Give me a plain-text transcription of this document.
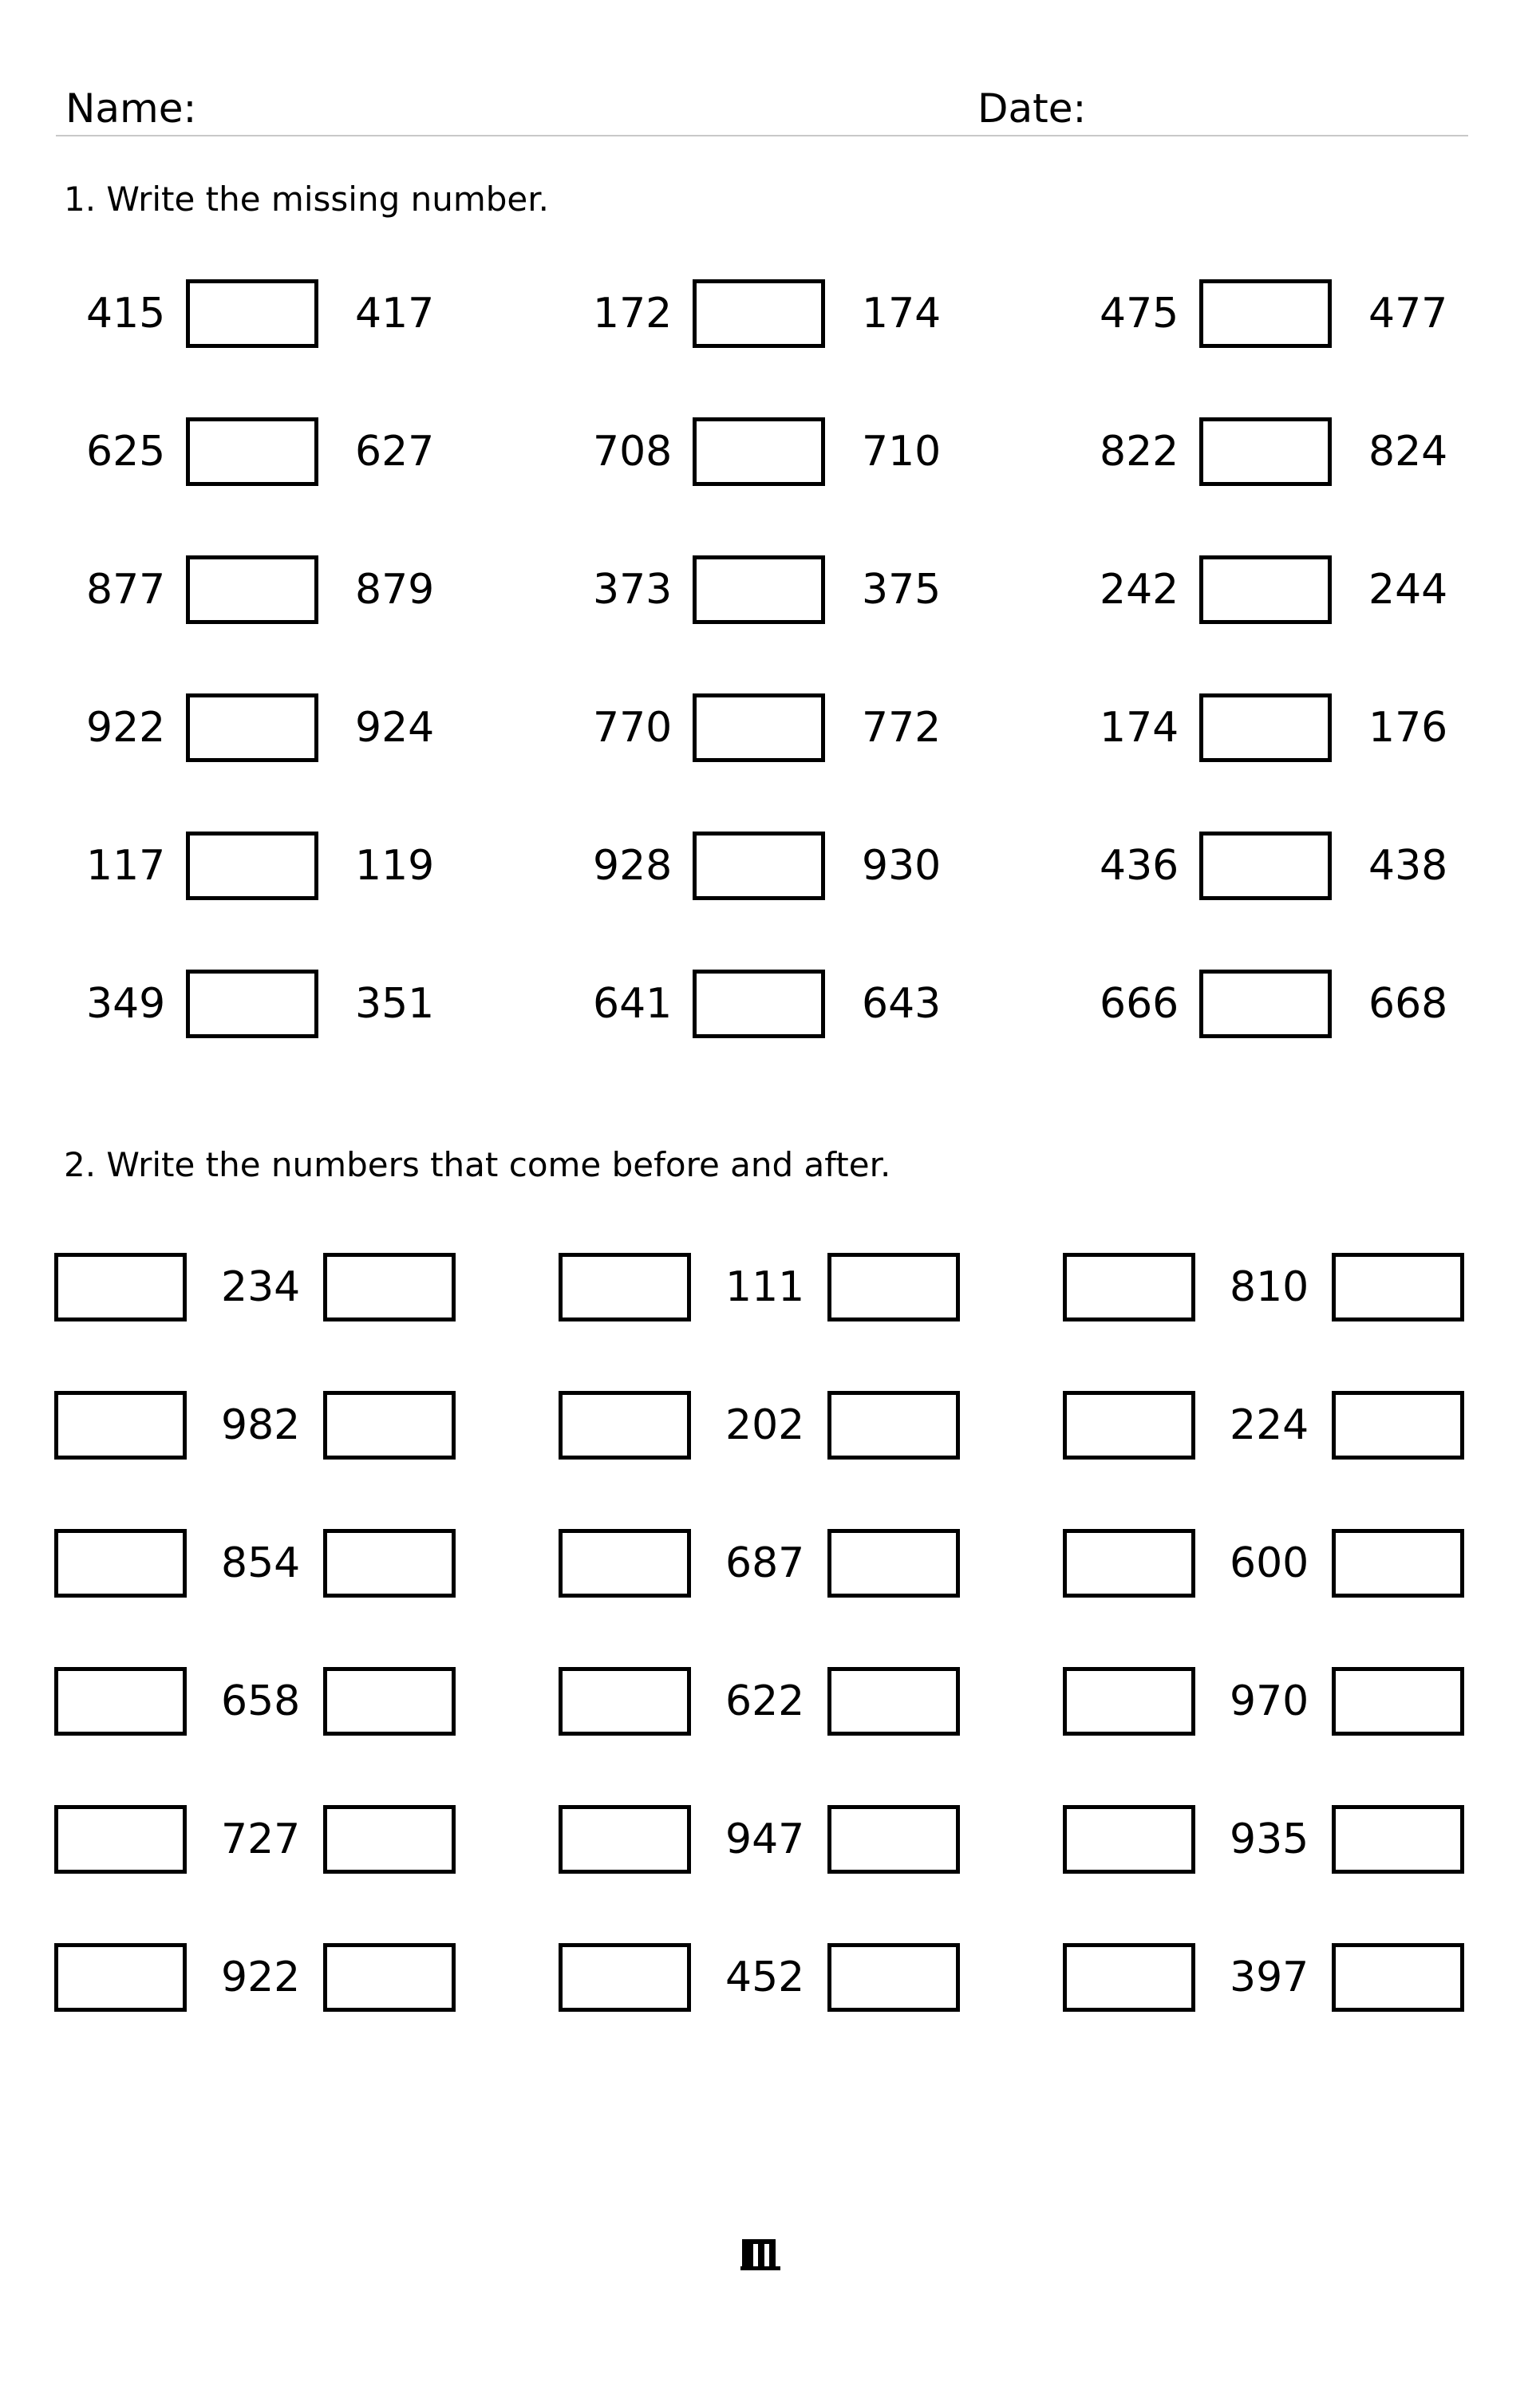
Name:	Date:
1. Write the missing number.
415	417	172	174	475	477
625	627	708	710	822	824
877	879	373	375	242	244
922	924	770	772	174	176
117	119	928	930	436	438
349	351	641	643	666	668
2. Write the numbers that come before and after.
234	111	810
982	202	224
854	687	600
658	622	970
727	947	935
922	452	397
